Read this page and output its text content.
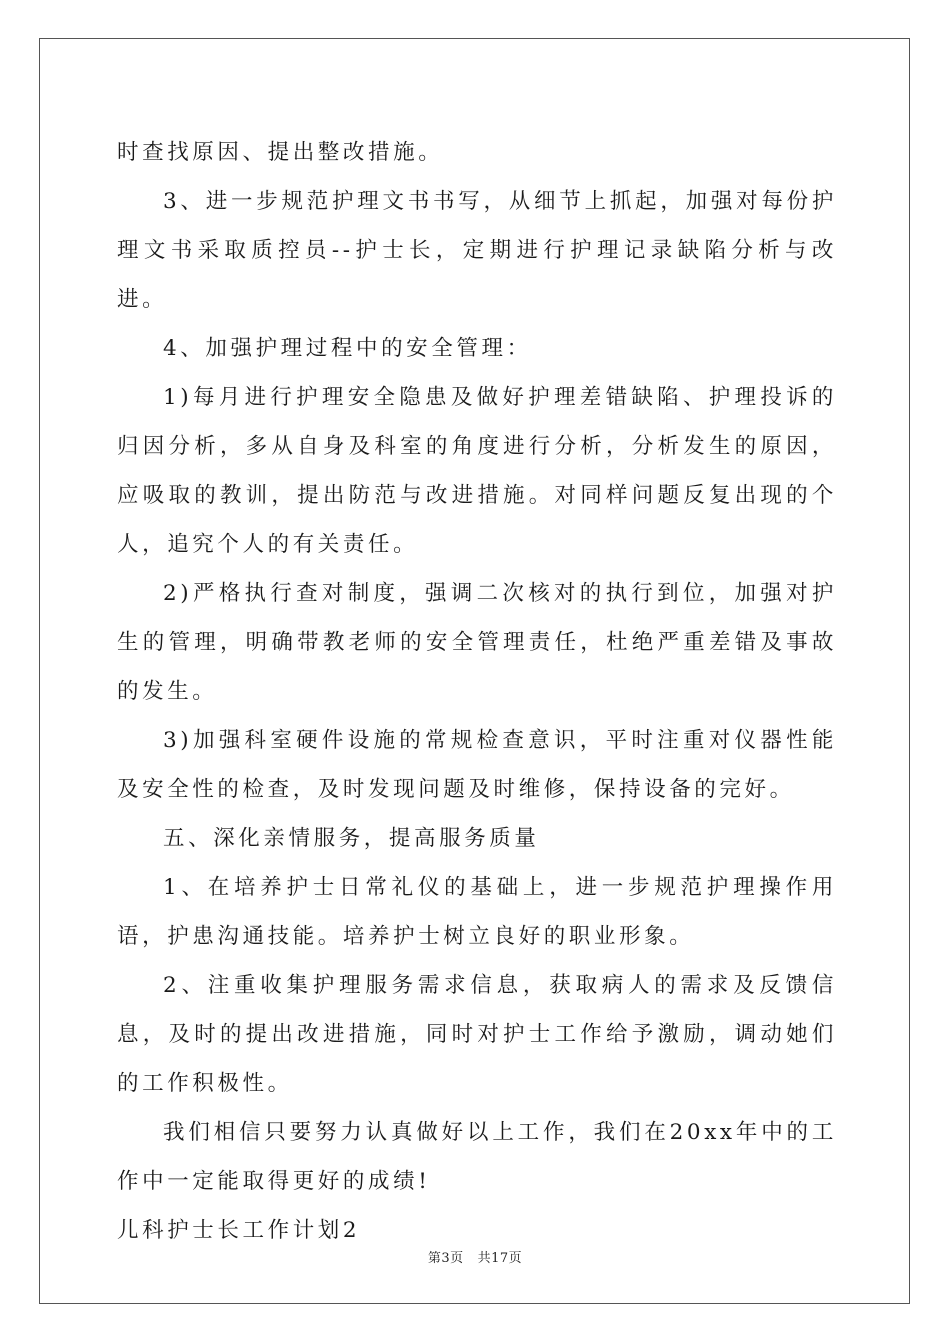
时查找原因、提出整改措施。

3、进一步规范护理文书书写，从细节上抓起，加强对每份护理文书采取质控员--护士长，定期进行护理记录缺陷分析与改进。

4、加强护理过程中的安全管理：

1)每月进行护理安全隐患及做好护理差错缺陷、护理投诉的归因分析，多从自身及科室的角度进行分析，分析发生的原因，应吸取的教训，提出防范与改进措施。对同样问题反复出现的个人，追究个人的有关责任。

2)严格执行查对制度，强调二次核对的执行到位，加强对护生的管理，明确带教老师的安全管理责任，杜绝严重差错及事故的发生。

3)加强科室硬件设施的常规检查意识，平时注重对仪器性能及安全性的检查，及时发现问题及时维修，保持设备的完好。

五、深化亲情服务，提高服务质量

1、在培养护士日常礼仪的基础上，进一步规范护理操作用语，护患沟通技能。培养护士树立良好的职业形象。

2、注重收集护理服务需求信息，获取病人的需求及反馈信息，及时的提出改进措施，同时对护士工作给予激励，调动她们的工作积极性。

我们相信只要努力认真做好以上工作，我们在20xx年中的工作中一定能取得更好的成绩!

儿科护士长工作计划2

第3页 共17页
